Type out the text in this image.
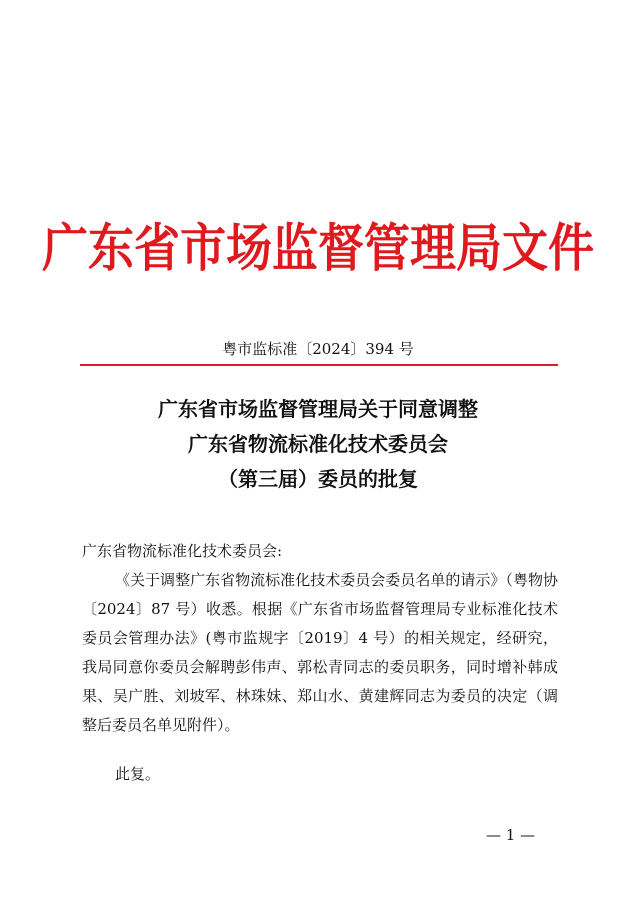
广东省市场监督管理局文件
粤市监标准〔2024〕394 号
广东省市场监督管理局关于同意调整
广东省物流标准化技术委员会
（第三届）委员的批复
广东省物流标准化技术委员会:
《关于调整广东省物流标准化技术委员会委员名单的请示》（粤物协〔2024〕87 号）收悉。根据《广东省市场监督管理局专业标准化技术委员会管理办法》(粤市监规字〔2019〕4 号）的相关规定，经研究，我局同意你委员会解聘彭伟声、郭松青同志的委员职务，同时增补韩成果、吴广胜、刘坡军、林珠妹、郑山水、黄建辉同志为委员的决定（调整后委员名单见附件）。
此复。
— 1 —
